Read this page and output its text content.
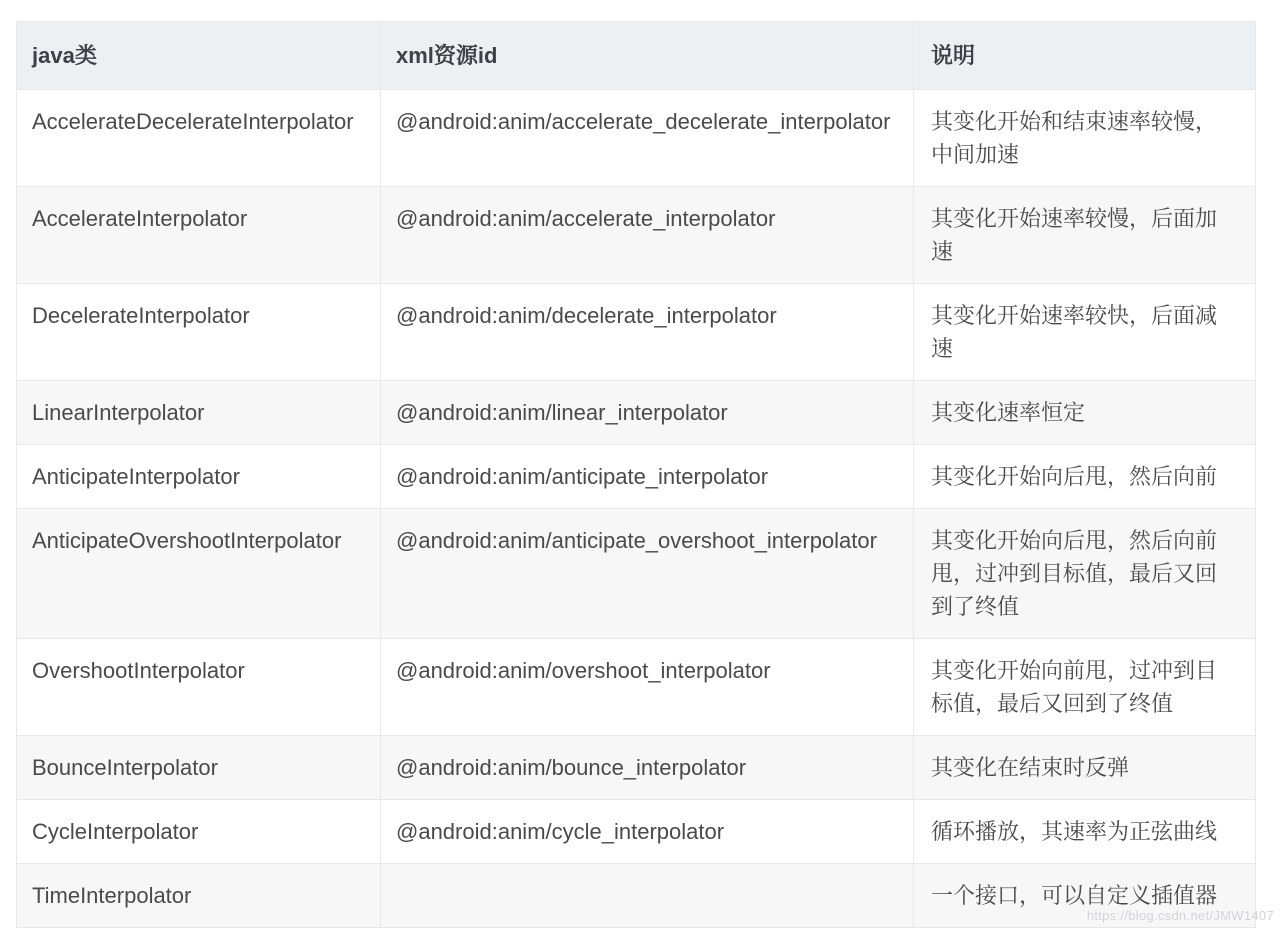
java类	xml资源id	说明
AccelerateDecelerateInterpolator	@android:anim/accelerate_decelerate_interpolator	其变化开始和结束速率较慢，中间加速
AccelerateInterpolator	@android:anim/accelerate_interpolator	其变化开始速率较慢，后面加速
DecelerateInterpolator	@android:anim/decelerate_interpolator	其变化开始速率较快，后面减速
LinearInterpolator	@android:anim/linear_interpolator	其变化速率恒定
AnticipateInterpolator	@android:anim/anticipate_interpolator	其变化开始向后甩，然后向前
AnticipateOvershootInterpolator	@android:anim/anticipate_overshoot_interpolator	其变化开始向后甩，然后向前甩，过冲到目标值，最后又回到了终值
OvershootInterpolator	@android:anim/overshoot_interpolator	其变化开始向前甩，过冲到目标值，最后又回到了终值
BounceInterpolator	@android:anim/bounce_interpolator	其变化在结束时反弹
CycleInterpolator	@android:anim/cycle_interpolator	循环播放，其速率为正弦曲线
TimeInterpolator		一个接口，可以自定义插值器
https://blog.csdn.net/JMW1407
